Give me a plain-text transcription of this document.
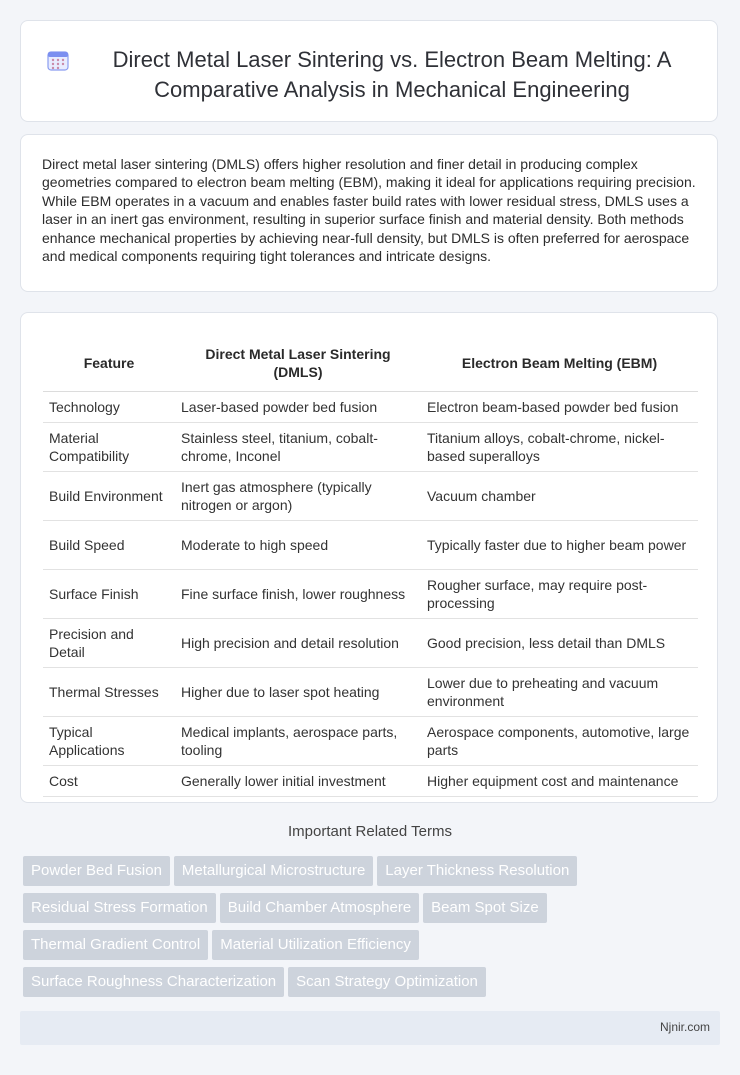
Direct Metal Laser Sintering vs. Electron Beam Melting: A Comparative Analysis in Mechanical Engineering

Direct metal laser sintering (DMLS) offers higher resolution and finer detail in producing complex geometries compared to electron beam melting (EBM), making it ideal for applications requiring precision. While EBM operates in a vacuum and enables faster build rates with lower residual stress, DMLS uses a laser in an inert gas environment, resulting in superior surface finish and material density. Both methods enhance mechanical properties by achieving near-full density, but DMLS is often preferred for aerospace and medical components requiring tight tolerances and intricate designs.

Feature	Direct Metal Laser Sintering (DMLS)	Electron Beam Melting (EBM)
Technology	Laser-based powder bed fusion	Electron beam-based powder bed fusion
Material Compatibility	Stainless steel, titanium, cobalt-chrome, Inconel	Titanium alloys, cobalt-chrome, nickel-based superalloys
Build Environment	Inert gas atmosphere (typically nitrogen or argon)	Vacuum chamber
Build Speed	Moderate to high speed	Typically faster due to higher beam power
Surface Finish	Fine surface finish, lower roughness	Rougher surface, may require post-processing
Precision and Detail	High precision and detail resolution	Good precision, less detail than DMLS
Thermal Stresses	Higher due to laser spot heating	Lower due to preheating and vacuum environment
Typical Applications	Medical implants, aerospace parts, tooling	Aerospace components, automotive, large parts
Cost	Generally lower initial investment	Higher equipment cost and maintenance
Important Related Terms
Powder Bed Fusion Metallurgical Microstructure Layer Thickness Resolution Residual Stress Formation Build Chamber Atmosphere Beam Spot Size Thermal Gradient Control Material Utilization Efficiency Surface Roughness Characterization Scan Strategy Optimization
Njnir.com
